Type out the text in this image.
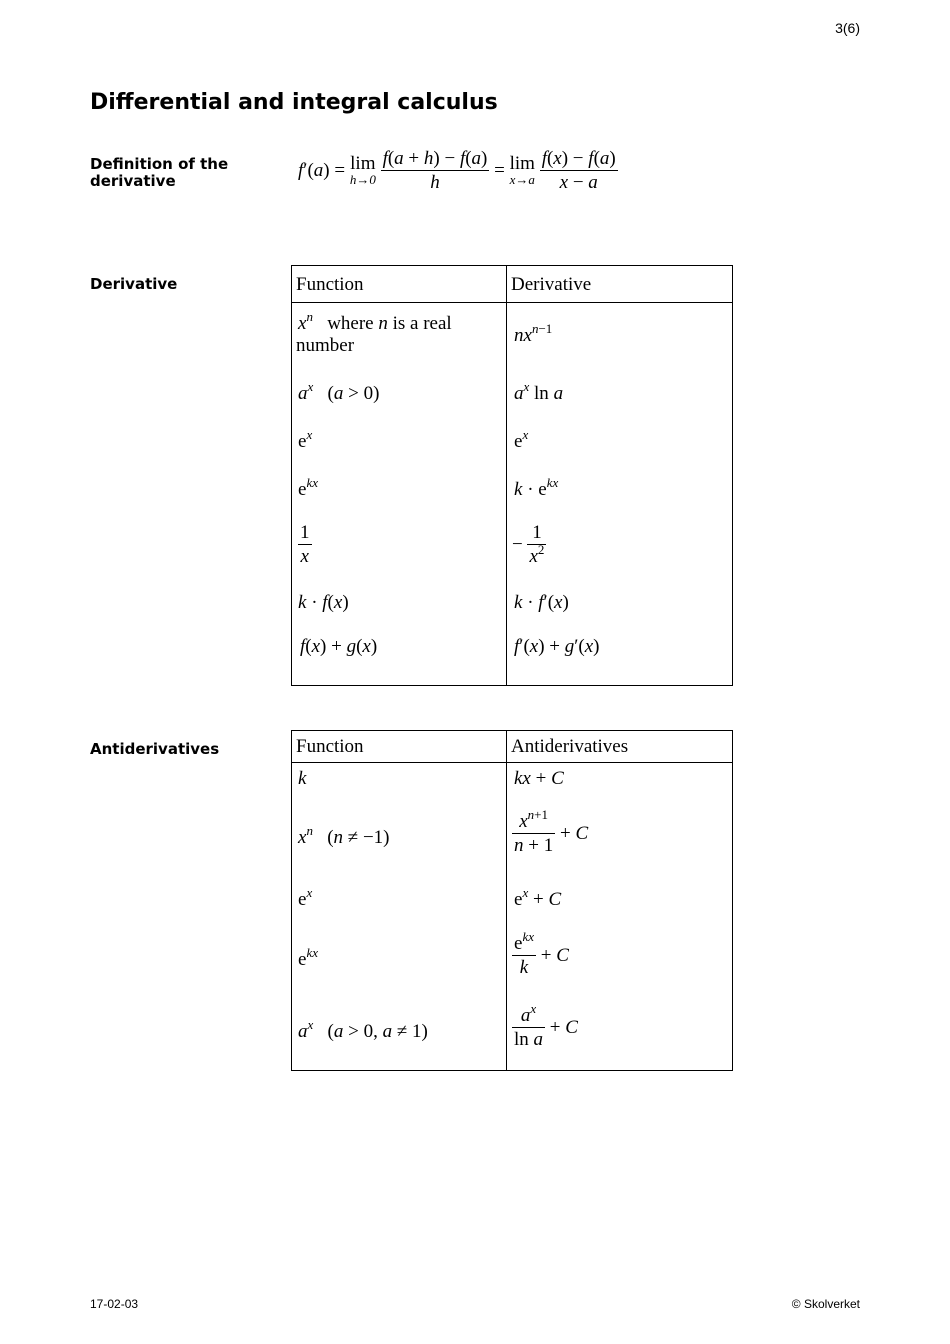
3(6)
Differential and integral calculus
Definition of the
derivative
f′(a) = lim
h→0
$\frac{f(a + h) - f(a)}{h} = \lim$
x→a
$\frac{f(x) - f(a)}{x - a}$
Derivative	Function	Derivative
$x^n$ where n is a real
number	$nx^{n-1}$
$a^x$   (a > 0)	$a^x$ ln a
$e^x$	$e^x$
$e^{kx}$	$k \cdot e^{kx}$
$\frac{1}{x}$	− $\frac{1}{x^2}$
k · f(x)	k · f′(x)
f(x) + g(x)	f′(x) + g′(x)
Antiderivatives	Function	Antiderivatives
k	kx + C
$x^n$   (n ≠ −1)	$\frac{x^{n+1}}{n + 1} + C$
$e^x$	$e^x + C$
$e^{kx}$	$\frac{e^{kx}}{k} + C$
$a^x$   (a > 0, a ≠ 1)	$\frac{a^x}{\text{ln a}} + C$
17-02-03	© Skolverket
